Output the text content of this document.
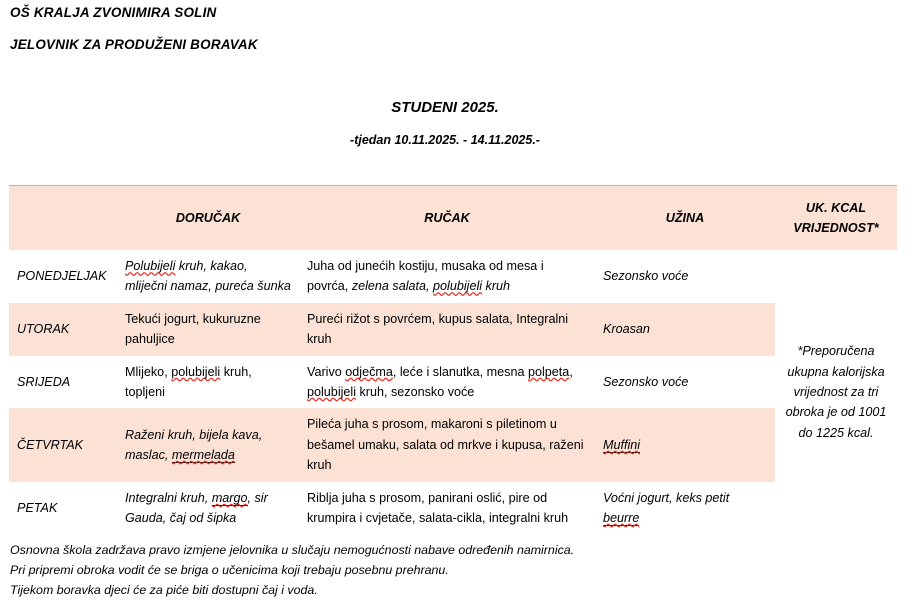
OŠ KRALJA ZVONIMIRA SOLIN
JELOVNIK ZA PRODUŽENI BORAVAK
STUDENI 2025.
-tjedan 10.11.2025. - 14.11.2025.-
	DORUČAK	RUČAK	UŽINA	UK. KCAL
VRIJEDNOST*
PONEDJELJAK	Polubijeli kruh, kakao, mliječni namaz, pureća šunka	Juha od junećih kostiju, musaka od mesa i povrća, zelena salata, polubijeli kruh	Sezonsko voće	*Preporučena ukupna kalorijska vrijednost za tri obroka je od 1001 do 1225 kcal.
UTORAK	Tekući jogurt, kukuruzne pahuljice	Pureći rižot s povrćem, kupus salata, Integralni kruh	Kroasan	
SRIJEDA	Mlijeko, polubijeli kruh, topljeni	Varivo odječma, leće i slanutka, mesna polpeta, polubijeli kruh, sezonsko voće	Sezonsko voće	
ČETVRTAK	Raženi kruh, bijela kava, maslac, mermelada	Pileća juha s prosom, makaroni s piletinom u bešamel umaku, salata od mrkve i kupusa, raženi kruh	Muffini	
PETAK	Integralni kruh, margo, sir Gauda, čaj od šipka	Riblja juha s prosom, panirani oslić, pire od krumpira i cvjetače, salata-cikla, integralni kruh	Voćni jogurt, keks petit beurre	
Osnovna škola zadržava pravo izmjene jelovnika u slučaju nemogućnosti nabave određenih namirnica.
Pri pripremi obroka vodit će se briga o učenicima koji trebaju posebnu prehranu.
Tijekom boravka djeci će za piće biti dostupni čaj i voda.
